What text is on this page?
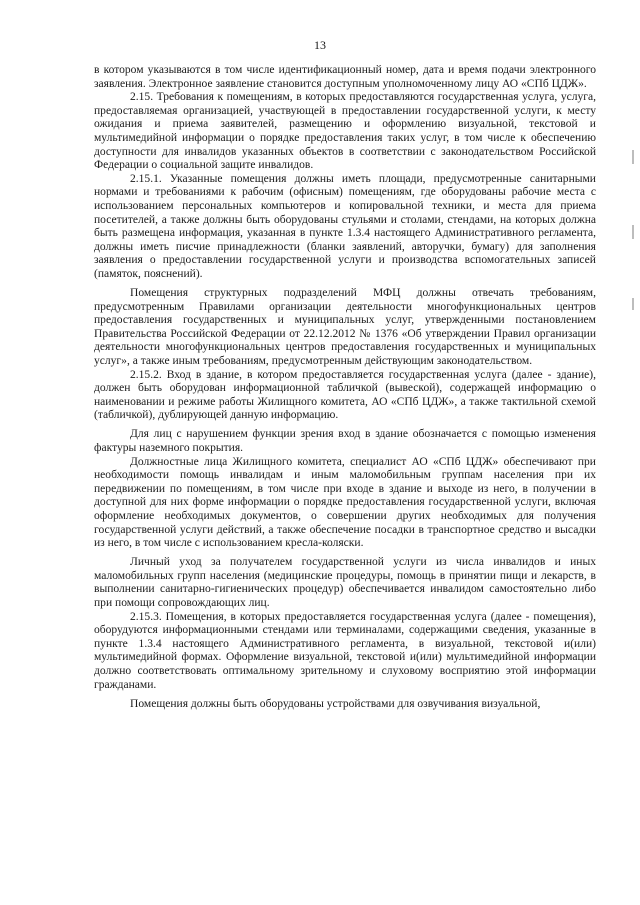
13

в котором указываются в том числе идентификационный номер, дата и время подачи электронного заявления. Электронное заявление становится доступным уполномоченному лицу АО «СПб ЦДЖ».

2.15. Требования к помещениям, в которых предоставляются государственная услуга, услуга, предоставляемая организацией, участвующей в предоставлении государственной услуги, к месту ожидания и приема заявителей, размещению и оформлению визуальной, текстовой и мультимедийной информации о порядке предоставления таких услуг, в том числе к обеспечению доступности для инвалидов указанных объектов в соответствии с законодательством Российской Федерации о социальной защите инвалидов.

2.15.1. Указанные помещения должны иметь площади, предусмотренные санитарными нормами и требованиями к рабочим (офисным) помещениям, где оборудованы рабочие места с использованием персональных компьютеров и копировальной техники, и места для приема посетителей, а также должны быть оборудованы стульями и столами, стендами, на которых должна быть размещена информация, указанная в пункте 1.3.4 настоящего Административного регламента, должны иметь писчие принадлежности (бланки заявлений, авторучки, бумагу) для заполнения заявления о предоставлении государственной услуги и производства вспомогательных записей (памяток, пояснений).

Помещения структурных подразделений МФЦ должны отвечать требованиям, предусмотренным Правилами организации деятельности многофункциональных центров предоставления государственных и муниципальных услуг, утвержденными постановлением Правительства Российской Федерации от 22.12.2012 № 1376 «Об утверждении Правил организации деятельности многофункциональных центров предоставления государственных и муниципальных услуг», а также иным требованиям, предусмотренным действующим законодательством.

2.15.2. Вход в здание, в котором предоставляется государственная услуга (далее - здание), должен быть оборудован информационной табличкой (вывеской), содержащей информацию о наименовании и режиме работы Жилищного комитета, АО «СПб ЦДЖ», а также тактильной схемой (табличкой), дублирующей данную информацию.

Для лиц с нарушением функции зрения вход в здание обозначается с помощью изменения фактуры наземного покрытия.

Должностные лица Жилищного комитета, специалист АО «СПб ЦДЖ» обеспечивают при необходимости помощь инвалидам и иным маломобильным группам населения при их передвижении по помещениям, в том числе при входе в здание и выходе из него, в получении в доступной для них форме информации о порядке предоставления государственной услуги, включая оформление необходимых документов, о совершении других необходимых для получения государственной услуги действий, а также обеспечение посадки в транспортное средство и высадки из него, в том числе с использованием кресла-коляски.

Личный уход за получателем государственной услуги из числа инвалидов и иных маломобильных групп населения (медицинские процедуры, помощь в принятии пищи и лекарств, в выполнении санитарно-гигиенических процедур) обеспечивается инвалидом самостоятельно либо при помощи сопровождающих лиц.

2.15.3. Помещения, в которых предоставляется государственная услуга (далее - помещения), оборудуются информационными стендами или терминалами, содержащими сведения, указанные в пункте 1.3.4 настоящего Административного регламента, в визуальной, текстовой и(или) мультимедийной формах. Оформление визуальной, текстовой и(или) мультимедийной информации должно соответствовать оптимальному зрительному и слуховому восприятию этой информации гражданами.

Помещения должны быть оборудованы устройствами для озвучивания визуальной,
